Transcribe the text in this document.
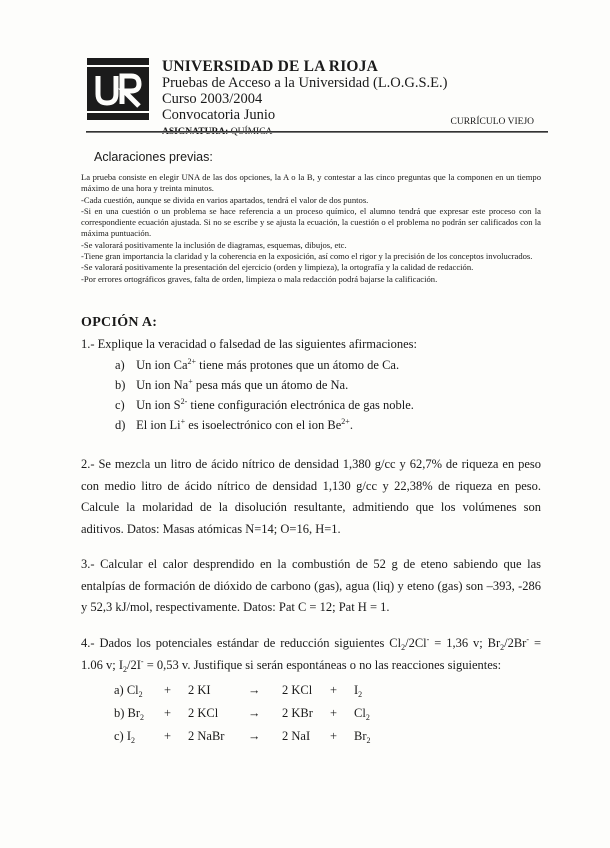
UNIVERSIDAD DE LA RIOJA
Pruebas de Acceso a la Universidad (L.O.G.S.E.)
Curso 2003/2004
Convocatoria Junio
ASIGNATURA: QUÍMICA
CURRÍCULO VIEJO
Aclaraciones previas:

La prueba consiste en elegir UNA de las dos opciones, la A o la B, y contestar a las cinco preguntas que la componen en un tiempo máximo de una hora y treinta minutos.

-Cada cuestión, aunque se divida en varios apartados, tendrá el valor de dos puntos.

-Si en una cuestión o un problema se hace referencia a un proceso químico, el alumno tendrá que expresar este proceso con la correspondiente ecuación ajustada. Si no se escribe y se ajusta la ecuación, la cuestión o el problema no podrán ser calificados con la máxima puntuación.

-Se valorará positivamente la inclusión de diagramas, esquemas, dibujos, etc.

-Tiene gran importancia la claridad y la coherencia en la exposición, así como el rigor y la precisión de los conceptos involucrados.

-Se valorará positivamente la presentación del ejercicio (orden y limpieza), la ortografía y la calidad de redacción.

-Por errores ortográficos graves, falta de orden, limpieza o mala redacción podrá bajarse la calificación.

OPCIÓN A:
1.- Explique la veracidad o falsedad de las siguientes afirmaciones:
a) Un ion $Ca^{2+}$ tiene más protones que un átomo de Ca.
b) Un ion Na+ pesa más que un átomo de Na.
c) Un ion $S^{2-}$ tiene configuración electrónica de gas noble.
d) El ion Li+ es isoelectrónico con el ion $Be^{2+}$.
2.- Se mezcla un litro de ácido nítrico de densidad 1,380 g/cc y 62,7% de riqueza en peso con medio litro de ácido nítrico de densidad 1,130 g/cc y 22,38% de riqueza en peso. Calcule la molaridad de la disolución resultante, admitiendo que los volúmenes son aditivos. Datos: Masas atómicas N=14; O=16, H=1.
3.- Calcular el calor desprendido en la combustión de 52 g de eteno sabiendo que las entalpías de formación de dióxido de carbono (gas), agua (liq) y eteno (gas) son –393, -286 y 52,3 kJ/mol, respectivamente. Datos: Pat C = 12; Pat H = 1.
4.- Dados los potenciales estándar de reducción siguientes $Cl_2/2Cl^- = 1,36$ v; $Br_2/2Br^- = 1.06$ v; $I_2/2I^- = 0,53$ v. Justifique si serán espontáneas o no las reacciones siguientes:
a) $Cl_2 + 2$ KI	→ 2 KCl + $I_2$
b) $Br_2 + 2$ KCl → 2 KBr + $Cl_2$
c) $I_2 + 2$ NaBr → 2 NaI + $Br_2$
